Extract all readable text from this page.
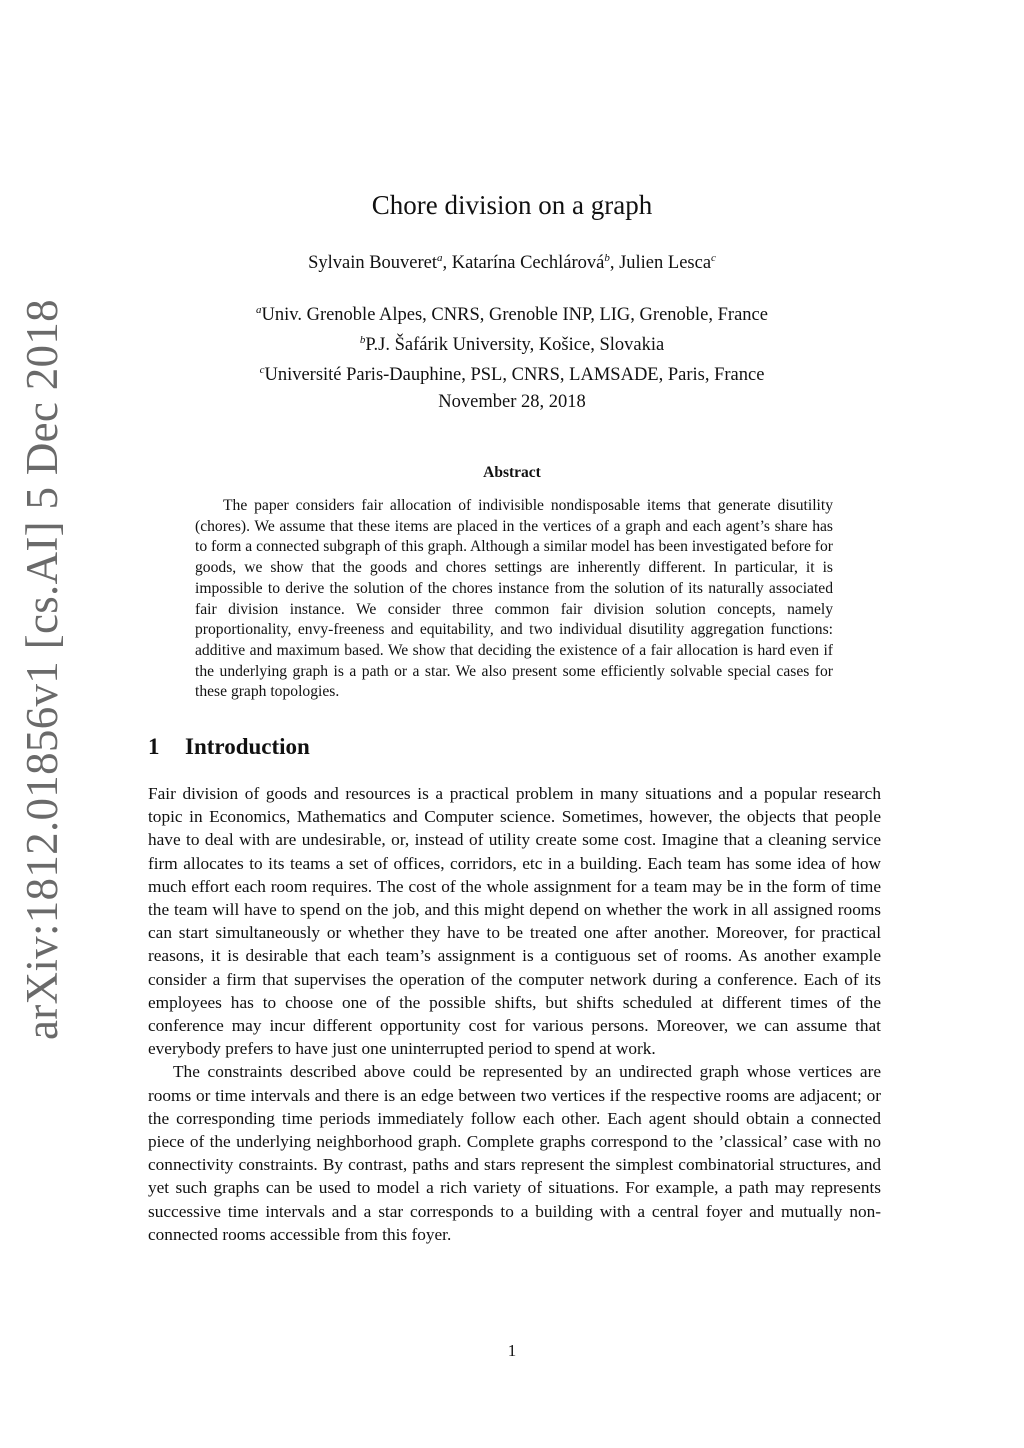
arXiv:1812.01856v1 [cs.AI] 5 Dec 2018
Chore division on a graph
Sylvain Bouveret$^a$, Katarína Cechlárová$^b$, Julien Lesca$^c$
$^a$Univ. Grenoble Alpes, CNRS, Grenoble INP, LIG, Grenoble, France
$^b$P.J. Šafárik University, Košice, Slovakia
$^c$Université Paris-Dauphine, PSL, CNRS, LAMSADE, Paris, France
November 28, 2018
Abstract

The paper considers fair allocation of indivisible nondisposable items that generate disutility (chores). We assume that these items are placed in the vertices of a graph and each agent’s share has to form a connected subgraph of this graph. Although a similar model has been investigated before for goods, we show that the goods and chores settings are inherently different. In particular, it is impossible to derive the solution of the chores instance from the solution of its naturally associated fair division instance. We consider three common fair division solution concepts, namely proportionality, envy-freeness and equitability, and two individual disutility aggregation functions: additive and maximum based. We show that deciding the existence of a fair allocation is hard even if the underlying graph is a path or a star. We also present some efficiently solvable special cases for these graph topologies.

1 Introduction

Fair division of goods and resources is a practical problem in many situations and a popular research topic in Economics, Mathematics and Computer science. Sometimes, however, the objects that people have to deal with are undesirable, or, instead of utility create some cost. Imagine that a cleaning service firm allocates to its teams a set of offices, corridors, etc in a building. Each team has some idea of how much effort each room requires. The cost of the whole assignment for a team may be in the form of time the team will have to spend on the job, and this might depend on whether the work in all assigned rooms can start simultaneously or whether they have to be treated one after another. Moreover, for practical reasons, it is desirable that each team’s assignment is a contiguous set of rooms. As another example consider a firm that supervises the operation of the computer network during a conference. Each of its employees has to choose one of the possible shifts, but shifts scheduled at different times of the conference may incur different opportunity cost for various persons. Moreover, we can assume that everybody prefers to have just one uninterrupted period to spend at work.

The constraints described above could be represented by an undirected graph whose vertices are rooms or time intervals and there is an edge between two vertices if the respective rooms are adjacent; or the corresponding time periods immediately follow each other. Each agent should obtain a connected piece of the underlying neighborhood graph. Complete graphs correspond to the ’classical’ case with no connectivity constraints. By contrast, paths and stars represent the simplest combinatorial structures, and yet such graphs can be used to model a rich variety of situations. For example, a path may represents successive time intervals and a star corresponds to a building with a central foyer and mutually non-connected rooms accessible from this foyer.

1
